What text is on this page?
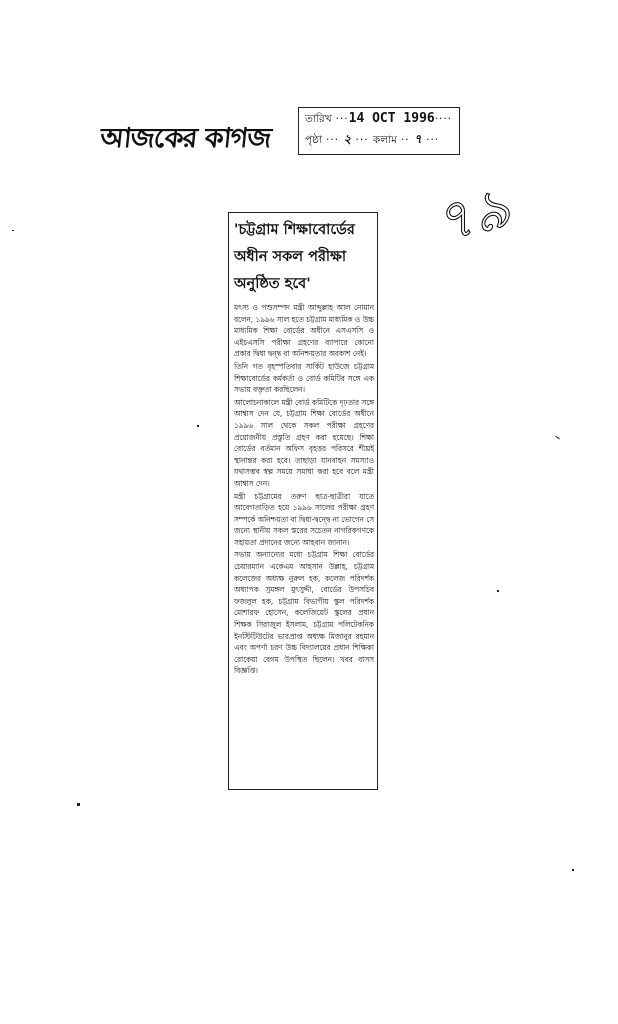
আজকের কাগজ
তারিখ ··· 14 OCT 1996 ····
পৃষ্ঠা ··· ২ ··· কলাম ·· ৭ ···
৭৯
'চট্টগ্রাম শিক্ষাবোর্ডের
অধীন সকল পরীক্ষা
অনুষ্ঠিত হবে'

মৎস্য ও পশুসম্পদ মন্ত্রী আব্দুল্লাহ আল নোমান বলেন, ১৯৯৬ সাল হতে চট্টগ্রাম মাধ্যমিক ও উচ্চ মাধ্যমিক শিক্ষা বোর্ডের অধীনে এসএসসি ও এইচএসসি পরীক্ষা গ্রহণের ব্যাপারে কোনো প্রকার দ্বিধা দ্বন্দ্ব বা অনিশ্চয়তার অবকাশ নেই।

তিনি গত বৃহস্পতিবার সার্কিট হাউজে চট্টগ্রাম শিক্ষাবোর্ডের কর্মকর্তা ও বোর্ড কমিটির সঙ্গে এক সভায় বক্তৃতা করছিলেন।

আলোচনাকালে মন্ত্রী বোর্ড কমিটিকে দৃঢ়তার সঙ্গে আশ্বাস দেন যে, চট্টগ্রাম শিক্ষা বোর্ডের অধীনে ১৯৯৬ সাল থেকে সকল পরীক্ষা গ্রহণের প্রয়োজনীয় প্রস্তুতি গ্রহণ করা হয়েছে। শিক্ষা বোর্ডের বর্তমান অফিস বৃহত্তর পরিসরে শীঘ্রই স্থানান্তর করা হবে। তাছাড়া যানবাহন সমস্যাও যথাসম্ভব স্বল্প সময়ে সমাধা করা হবে বলে মন্ত্রী আশ্বাস দেন।

মন্ত্রী চট্টগ্রামের তরুণ ছাত্র-ছাত্রীরা যাতে আবেগতাড়িত হয়ে ১৯৯৬ সালের পরীক্ষা গ্রহণ সম্পর্কে অনিশ্চয়তা বা দ্বিধা-দ্বন্দ্বে না ভোগেন সে জন্যে স্থানীয় সকল স্তরের সচেতন নাগরিকগণকে সহায়তা প্রদানের জন্যে আহবান জানান।

সভায় অন্যান্যের মধ্যে চট্টগ্রাম শিক্ষা বোর্ডের চেয়ারম্যান একেএম আহসান উল্লাহ, চট্টগ্রাম কলেজের অধ্যক্ষ নুরুল হক, কলেজ পরিদর্শক অধ্যাপক সুমঙ্গল মুৎসুদ্দী, বোর্ডের উপসচিব ফজলুল হক, চট্টগ্রাম বিভাগীয় স্কুল পরিদর্শক মোশারফ হোসেন, কলেজিয়েট স্কুলের প্রধান শিক্ষক সিরাজুল ইসলাম, চট্টগ্রাম পলিটেকনিক ইনস্টিটিউটের ভারপ্রাপ্ত অধ্যক্ষ মিজানুর রহমান এবং অপর্ণা চরণ উচ্চ বিদ্যালয়ের প্রধান শিক্ষিকা রোকেয়া বেগম উপস্থিত ছিলেন। খবর বাসস বিজ্ঞপ্তি।
